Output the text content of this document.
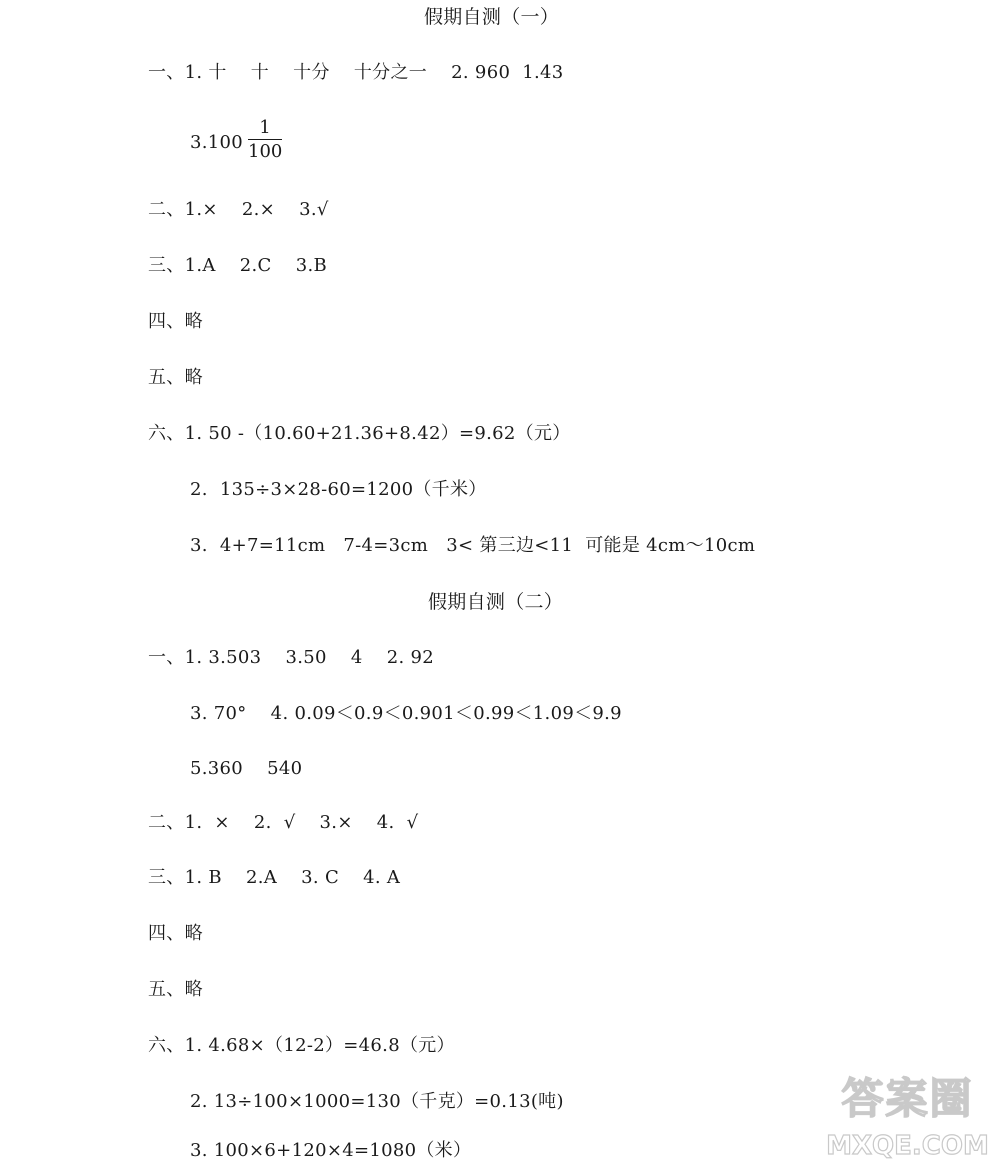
假期自测（一）
一、1. 十    十    十分    十分之一    2. 960  1.43
3.100
1
100
二、1.×    2.×    3.√
三、1.A    2.C    3.B
四、略
五、略
六、1. 50 -（10.60+21.36+8.42）=9.62（元）
2.  135÷3×28-60=1200（千米）
3.  4+7=11cm   7-4=3cm   3< 第三边<11  可能是 4cm～10cm
假期自测（二）
一、1. 3.503    3.50    4    2. 92
3. 70°    4. 0.09＜0.9＜0.901＜0.99＜1.09＜9.9
5.360    540
二、1.  ×    2.  √    3.×    4.  √
三、1. B    2.A    3. C    4. A
四、略
五、略
六、1. 4.68×（12-2）=46.8（元）
2. 13÷100×1000=130（千克）=0.13(吨)
3. 100×6+120×4=1080（米）
答案圈
MXQE.COM
